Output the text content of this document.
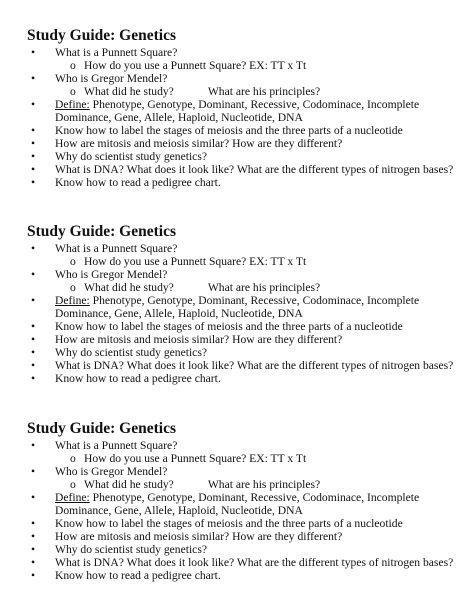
Study Guide: Genetics
• What is a Punnett Square?
o How do you use a Punnett Square? EX: TT x Tt
• Who is Gregor Mendel?
o What did he study?	What are his principles?
• Define: Phenotype, Genotype, Dominant, Recessive, Codominace, Incomplete
Dominance, Gene, Allele, Haploid, Nucleotide, DNA
• Know how to label the stages of meiosis and the three parts of a nucleotide
• How are mitosis and meiosis similar? How are they different?
• Why do scientist study genetics?
• What is DNA? What does it look like? What are the different types of nitrogen bases?
• Know how to read a pedigree chart.
Study Guide: Genetics
• What is a Punnett Square?
o How do you use a Punnett Square? EX: TT x Tt
• Who is Gregor Mendel?
o What did he study?	What are his principles?
• Define: Phenotype, Genotype, Dominant, Recessive, Codominace, Incomplete
Dominance, Gene, Allele, Haploid, Nucleotide, DNA
• Know how to label the stages of meiosis and the three parts of a nucleotide
• How are mitosis and meiosis similar? How are they different?
• Why do scientist study genetics?
• What is DNA? What does it look like? What are the different types of nitrogen bases?
• Know how to read a pedigree chart.
Study Guide: Genetics
• What is a Punnett Square?
o How do you use a Punnett Square? EX: TT x Tt
• Who is Gregor Mendel?
o What did he study?	What are his principles?
• Define: Phenotype, Genotype, Dominant, Recessive, Codominace, Incomplete
Dominance, Gene, Allele, Haploid, Nucleotide, DNA
• Know how to label the stages of meiosis and the three parts of a nucleotide
• How are mitosis and meiosis similar? How are they different?
• Why do scientist study genetics?
• What is DNA? What does it look like? What are the different types of nitrogen bases?
• Know how to read a pedigree chart.
